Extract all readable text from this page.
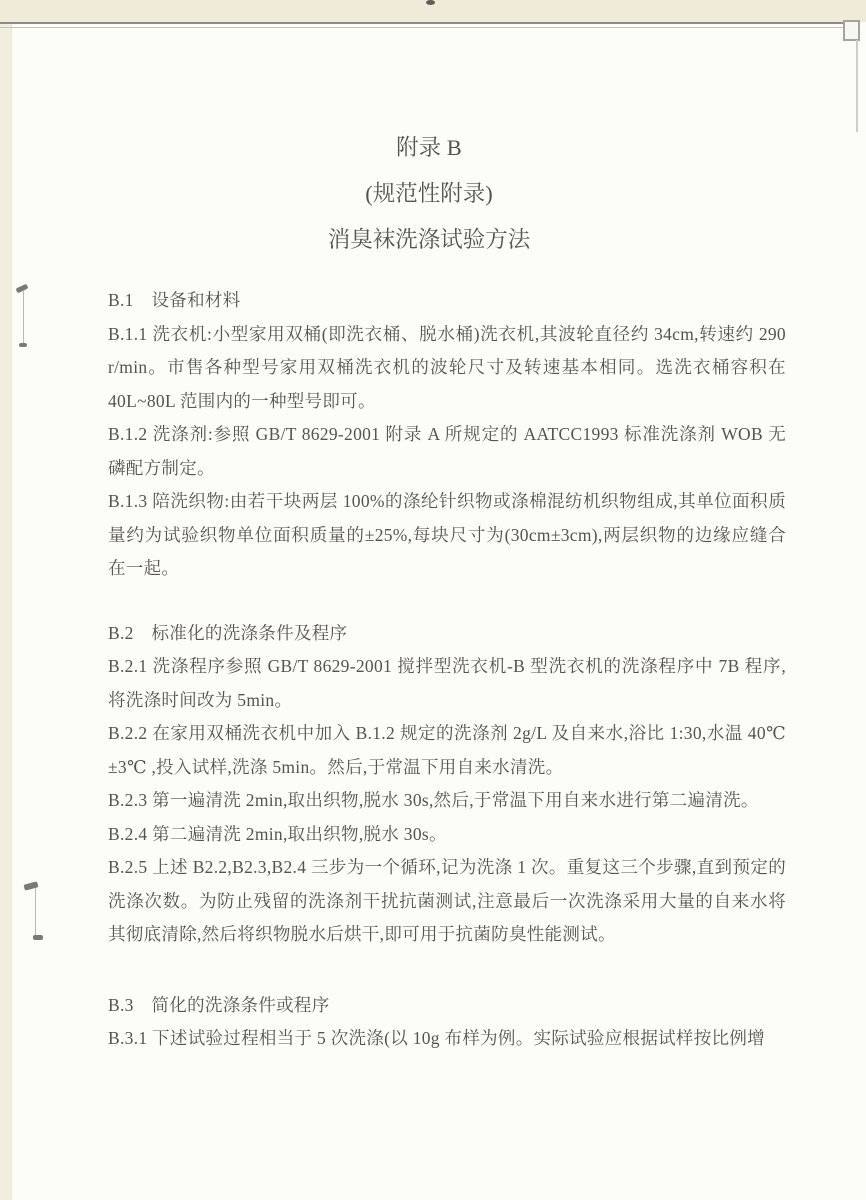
附录 B
(规范性附录)
消臭袜洗涤试验方法

B.1　设备和材料

B.1.1 洗衣机:小型家用双桶(即洗衣桶、脱水桶)洗衣机,其波轮直径约 34cm,转速约 290 r/min。市售各种型号家用双桶洗衣机的波轮尺寸及转速基本相同。选洗衣桶容积在 40L~80L 范围内的一种型号即可。

B.1.2 洗涤剂:参照 GB/T 8629-2001 附录 A 所规定的 AATCC1993 标准洗涤剂 WOB 无磷配方制定。

B.1.3 陪洗织物:由若干块两层 100%的涤纶针织物或涤棉混纺机织物组成,其单位面积质量约为试验织物单位面积质量的±25%,每块尺寸为(30cm±3cm),两层织物的边缘应缝合在一起。

B.2　标准化的洗涤条件及程序

B.2.1 洗涤程序参照 GB/T 8629-2001 搅拌型洗衣机-B 型洗衣机的洗涤程序中 7B 程序,将洗涤时间改为 5min。

B.2.2 在家用双桶洗衣机中加入 B.1.2 规定的洗涤剂 2g/L 及自来水,浴比 1:30,水温 40℃±3℃ ,投入试样,洗涤 5min。然后,于常温下用自来水清洗。

B.2.3 第一遍清洗 2min,取出织物,脱水 30s,然后,于常温下用自来水进行第二遍清洗。

B.2.4 第二遍清洗 2min,取出织物,脱水 30s。

B.2.5 上述 B2.2,B2.3,B2.4 三步为一个循环,记为洗涤 1 次。重复这三个步骤,直到预定的洗涤次数。为防止残留的洗涤剂干扰抗菌测试,注意最后一次洗涤采用大量的自来水将其彻底清除,然后将织物脱水后烘干,即可用于抗菌防臭性能测试。

B.3　简化的洗涤条件或程序

B.3.1 下述试验过程相当于 5 次洗涤(以 10g 布样为例。实际试验应根据试样按比例增
